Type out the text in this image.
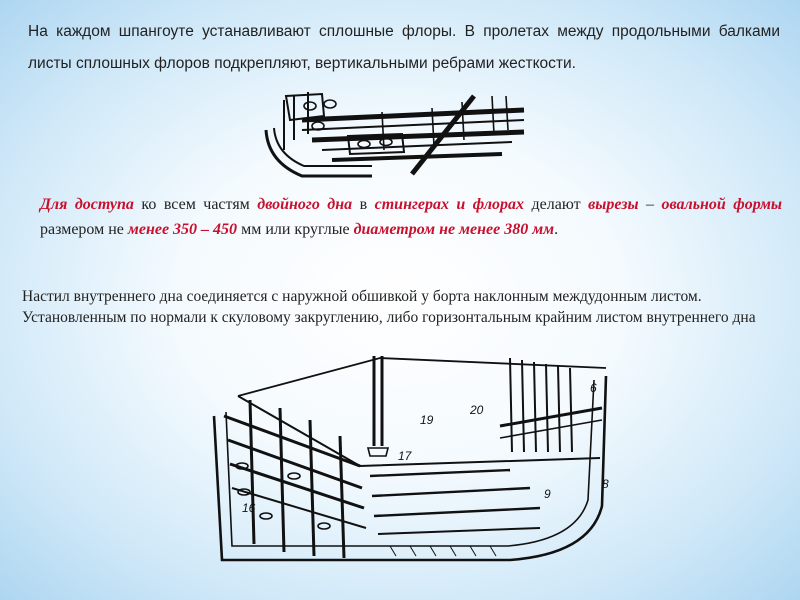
На каждом шпангоуте устанавливают сплошные флоры. В пролетах между продольными балками листы сплошных флоров подкрепляют, вертикальными ребрами жесткости.

Для доступа ко всем частям двойного дна в стингерах и флорах делают вырезы – овальной формы размером не менее 350 – 450 мм или круглые диаметром не менее 380 мм.

Настил внутреннего дна соединяется с наружной обшивкой у борта наклонным междудонным листом. Установленным по нормали к скуловому закруглению, либо горизонтальным крайним листом внутреннего дна

16
17
19
20
6
8
9
